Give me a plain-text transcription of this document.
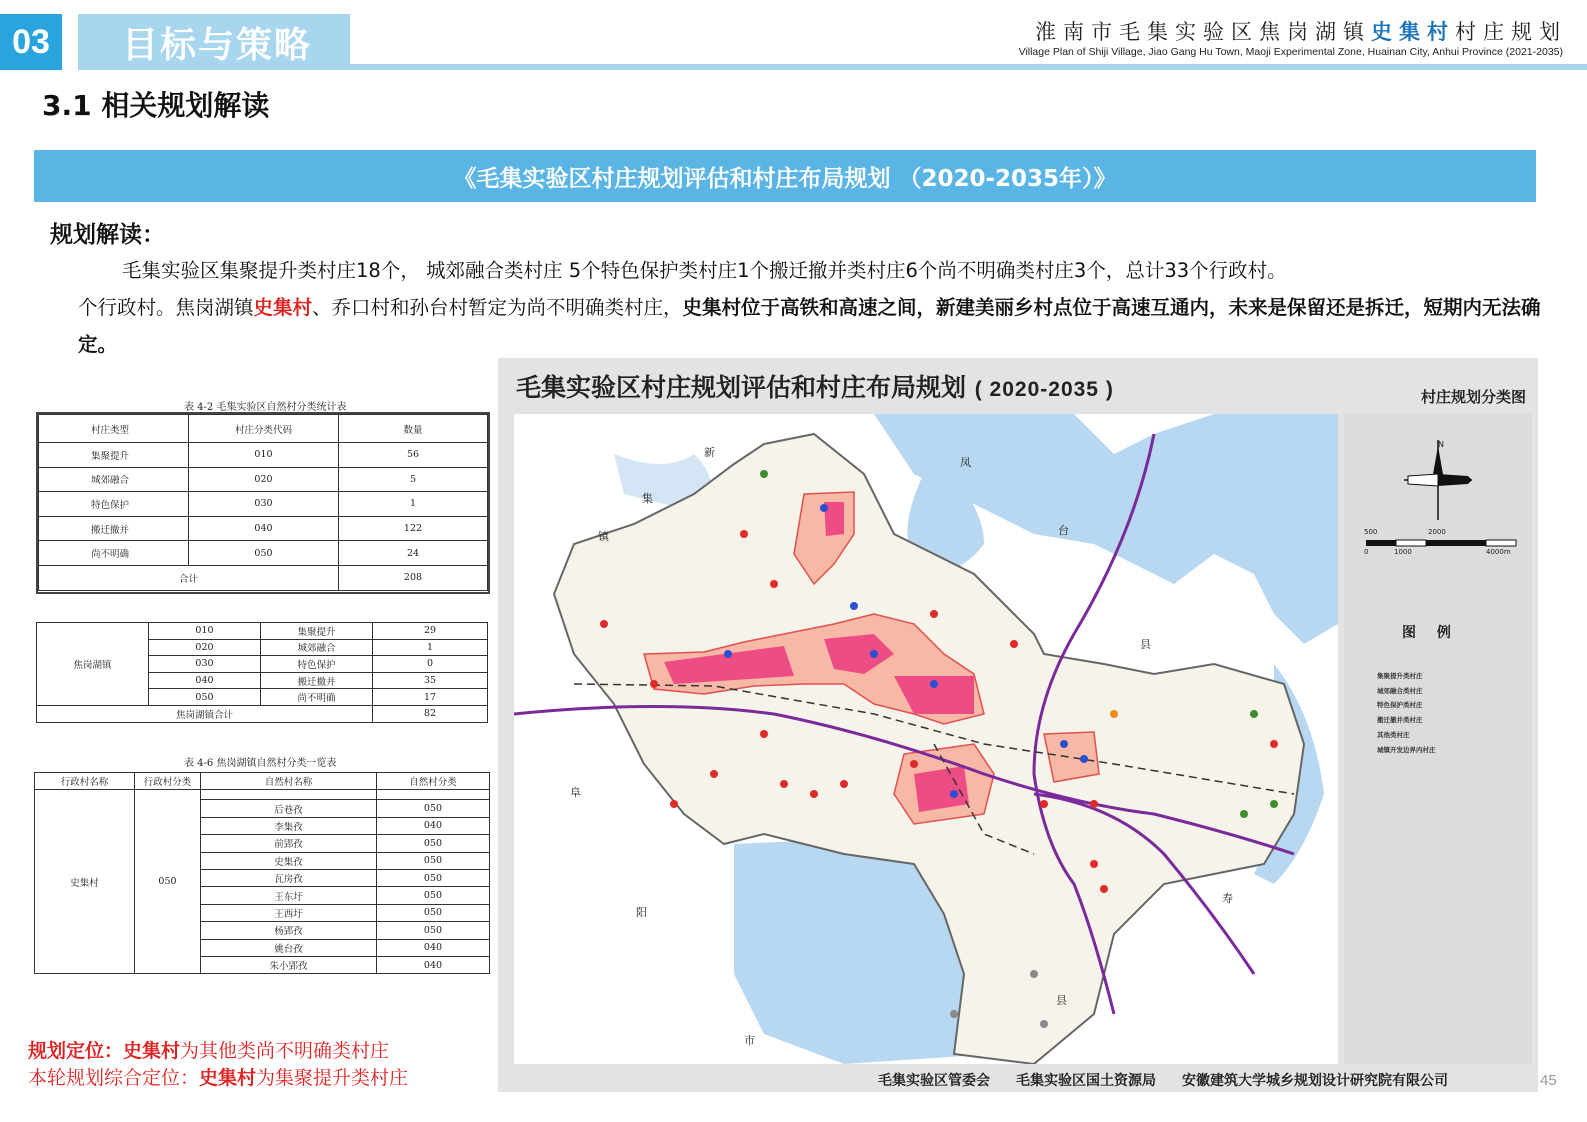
03	目标与策略	淮南市毛集实验区焦岗湖镇史集村村庄规划
Village Plan of Shiji Village, Jiao Gang Hu Town, Maoji Experimental Zone, Huainan City, Anhui Province (2021-2035)
3.1 相关规划解读
《毛集实验区村庄规划评估和村庄布局规划 （2020-2035年）》
规划解读：
毛集实验区集聚提升类村庄18个， 城郊融合类村庄 5个特色保护类村庄1个搬迁撤并类村庄6个尚不明确类村庄3个，总计33个行政村。
个行政村。焦岗湖镇史集村、乔口村和孙台村暂定为尚不明确类村庄，史集村位于高铁和高速之间，新建美丽乡村点位于高速互通内，未来是保留还是拆迁，短期内无法确定。
表 4-2 毛集实验区自然村分类统计表
村庄类型	村庄分类代码	数量
集聚提升	010	56
城郊融合	020	5
特色保护	030	1
搬迁撤并	040	122
尚不明确	050	24
合计		208
焦岗湖镇	010	集聚提升	29
	020	城郊融合	1
	030	特色保护	0
	040	搬迁撤并	35
	050	尚不明确	17
焦岗湖镇合计			82
表 4-6 焦岗湖镇自然村分类一览表
行政村名称	行政村分类	自然村名称	自然村分类
史集村	050		
		后巷孜	050
		李集孜	040
		前郢孜	050
		史集孜	050
		瓦房孜	050
		王东圩	050
		王西圩	050
		杨郢孜	050
		姚台孜	040
		朱小郢孜	040
规划定位：史集村为其他类尚不明确类村庄
本轮规划综合定位：史集村为集聚提升类村庄
毛集实验区村庄规划评估和村庄布局规划 ( 2020-2035 )	村庄规划分类图
新
集
镇
凤
台
县
阜
阳
市
寿
县
N
500	2000
0	1000	4000m
图 例
集聚提升类村庄
城郊融合类村庄
特色保护类村庄
搬迁撤并类村庄
其他类村庄
城镇开发边界内村庄
毛集实验区管委会 毛集实验区国土资源局 安徽建筑大学城乡规划设计研究院有限公司	45
